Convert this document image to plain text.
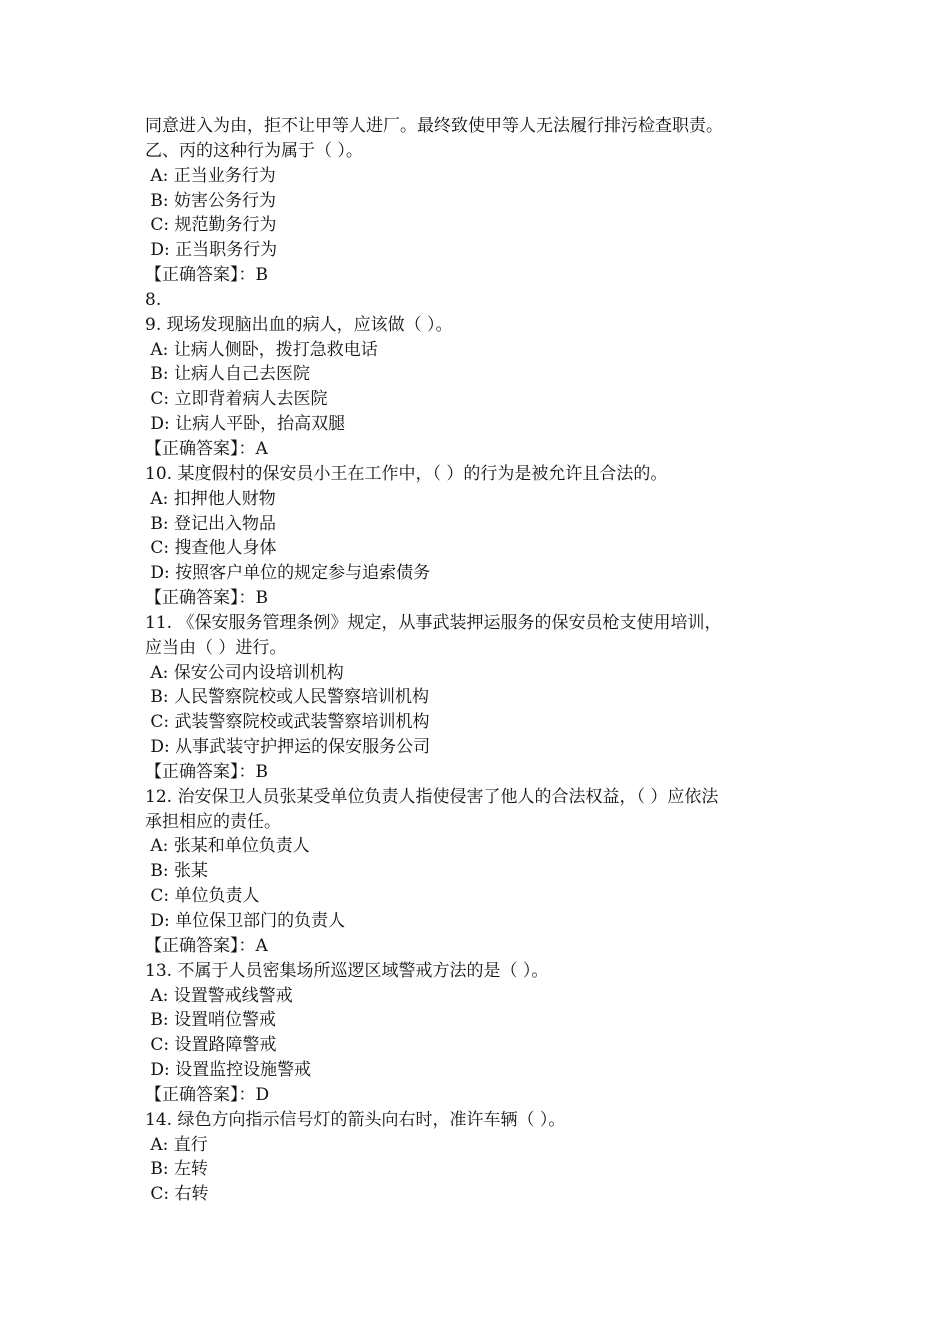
同意进入为由，拒不让甲等人进厂。最终致使甲等人无法履行排污检查职责。
乙、丙的这种行为属于（ ）。
A: 正当业务行为
B: 妨害公务行为
C: 规范勤务行为
D: 正当职务行为
【正确答案】：B
8.
9. 现场发现脑出血的病人，应该做（ ）。
A: 让病人侧卧，拨打急救电话
B: 让病人自己去医院
C: 立即背着病人去医院
D: 让病人平卧，抬高双腿
【正确答案】：A
10. 某度假村的保安员小王在工作中，（ ）的行为是被允许且合法的。
A: 扣押他人财物
B: 登记出入物品
C: 搜查他人身体
D: 按照客户单位的规定参与追索债务
【正确答案】：B
11. 《保安服务管理条例》规定，从事武装押运服务的保安员枪支使用培训，
应当由（ ）进行。
A: 保安公司内设培训机构
B: 人民警察院校或人民警察培训机构
C: 武装警察院校或武装警察培训机构
D: 从事武装守护押运的保安服务公司
【正确答案】：B
12. 治安保卫人员张某受单位负责人指使侵害了他人的合法权益，（ ）应依法
承担相应的责任。
A: 张某和单位负责人
B: 张某
C: 单位负责人
D: 单位保卫部门的负责人
【正确答案】：A
13. 不属于人员密集场所巡逻区域警戒方法的是（ ）。
A: 设置警戒线警戒
B: 设置哨位警戒
C: 设置路障警戒
D: 设置监控设施警戒
【正确答案】：D
14. 绿色方向指示信号灯的箭头向右时，准许车辆（ ）。
A: 直行
B: 左转
C: 右转
